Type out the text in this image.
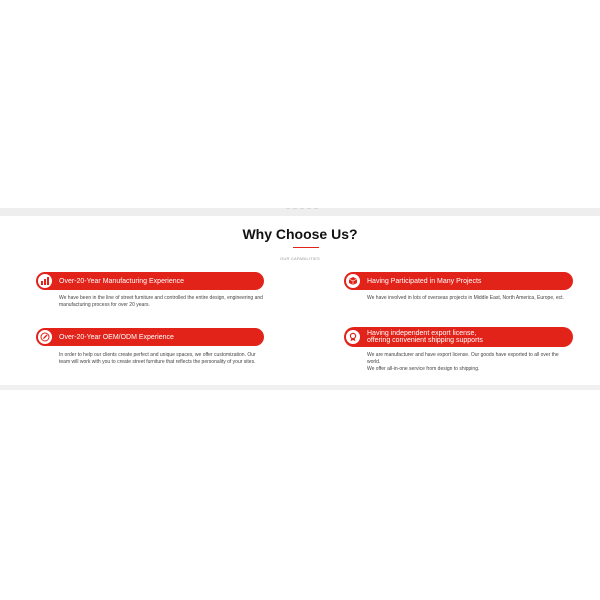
Why Choose Us?
OUR CAPABILITIES
Over-20-Year Manufacturing Experience

We have been in the line of street furniture and controlled the entire design, engineering and manufacturing process for over 20 years.

Having Participated in Many Projects

We have involved in lots of overseas projects in Middle East, North America, Europe, ect.

Over-20-Year OEM/ODM Experience

In order to help our clients create perfect and unique spaces, we offer customization. Our team will work with you to create street furniture that reflects the personality of your sites.

Having independent export license,
offering convenient shipping supports

We are manufacturer and have export license. Our goods have exported to all over the world.

We offer all-in-one service from design to shipping.
